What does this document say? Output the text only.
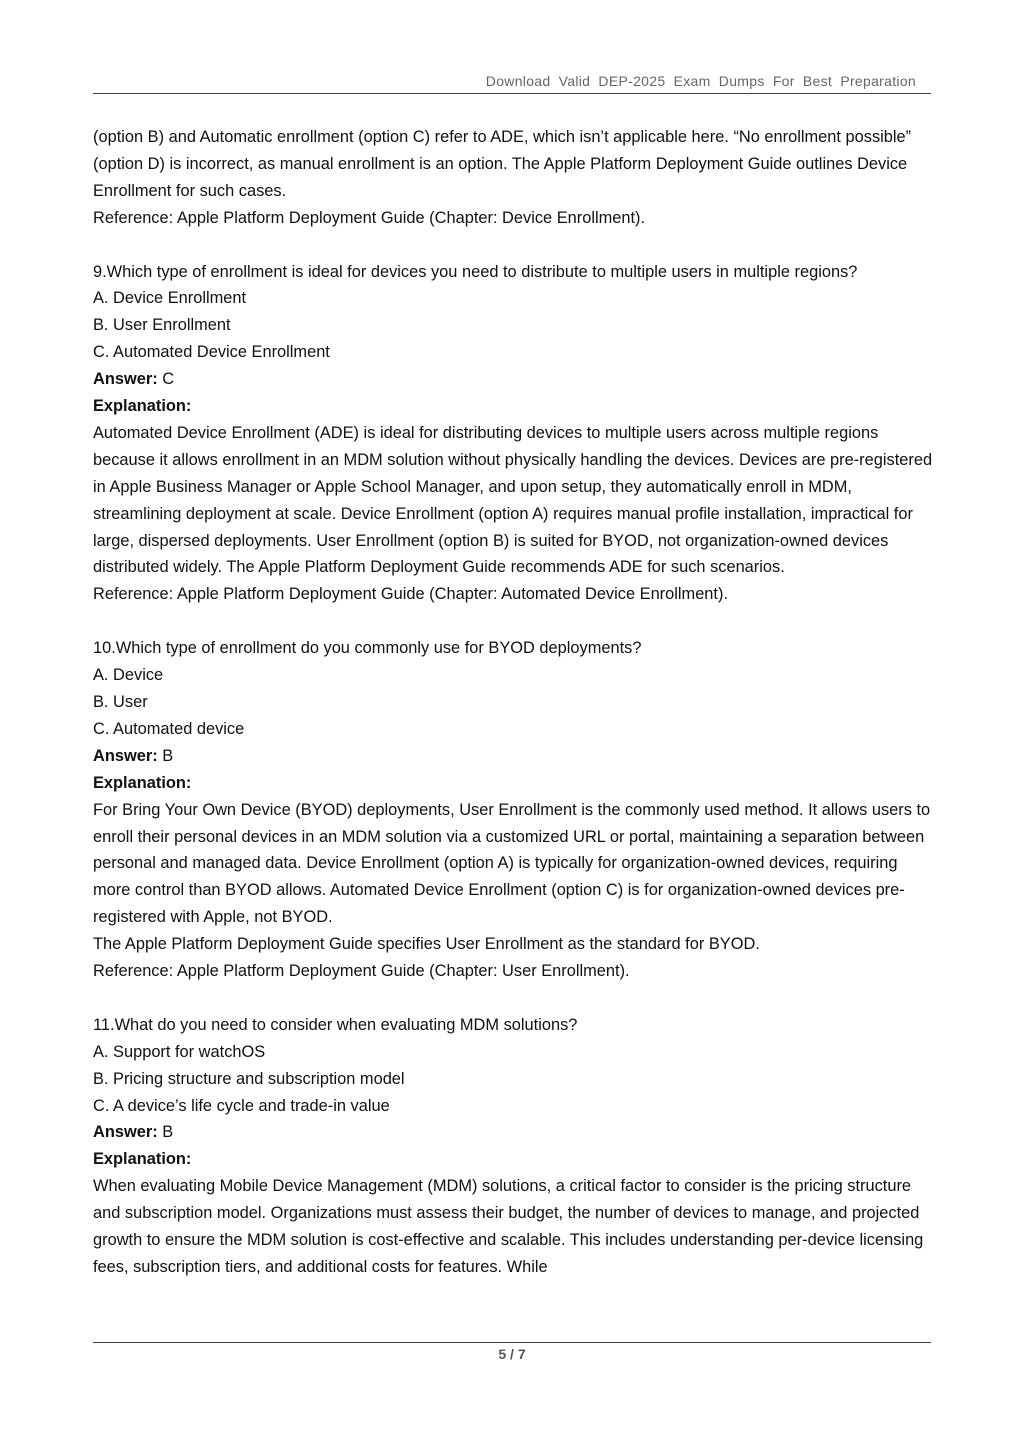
Download Valid DEP-2025 Exam Dumps For Best Preparation

(option B) and Automatic enrollment (option C) refer to ADE, which isn’t applicable here. “No enrollment possible” (option D) is incorrect, as manual enrollment is an option. The Apple Platform Deployment Guide outlines Device Enrollment for such cases.

Reference: Apple Platform Deployment Guide (Chapter: Device Enrollment).

9.Which type of enrollment is ideal for devices you need to distribute to multiple users in multiple regions?

A. Device Enrollment

B. User Enrollment

C. Automated Device Enrollment

Answer: C

Explanation:

Automated Device Enrollment (ADE) is ideal for distributing devices to multiple users across multiple regions because it allows enrollment in an MDM solution without physically handling the devices. Devices are pre-registered in Apple Business Manager or Apple School Manager, and upon setup, they automatically enroll in MDM, streamlining deployment at scale. Device Enrollment (option A) requires manual profile installation, impractical for large, dispersed deployments. User Enrollment (option B) is suited for BYOD, not organization-owned devices distributed widely. The Apple Platform Deployment Guide recommends ADE for such scenarios.

Reference: Apple Platform Deployment Guide (Chapter: Automated Device Enrollment).

10.Which type of enrollment do you commonly use for BYOD deployments?

A. Device

B. User

C. Automated device

Answer: B

Explanation:

For Bring Your Own Device (BYOD) deployments, User Enrollment is the commonly used method. It allows users to enroll their personal devices in an MDM solution via a customized URL or portal, maintaining a separation between personal and managed data. Device Enrollment (option A) is typically for organization-owned devices, requiring more control than BYOD allows. Automated Device Enrollment (option C) is for organization-owned devices pre-registered with Apple, not BYOD.

The Apple Platform Deployment Guide specifies User Enrollment as the standard for BYOD.

Reference: Apple Platform Deployment Guide (Chapter: User Enrollment).

11.What do you need to consider when evaluating MDM solutions?

A. Support for watchOS

B. Pricing structure and subscription model

C. A device’s life cycle and trade-in value

Answer: B

Explanation:

When evaluating Mobile Device Management (MDM) solutions, a critical factor to consider is the pricing structure and subscription model. Organizations must assess their budget, the number of devices to manage, and projected growth to ensure the MDM solution is cost-effective and scalable. This includes understanding per-device licensing fees, subscription tiers, and additional costs for features. While

5 / 7
